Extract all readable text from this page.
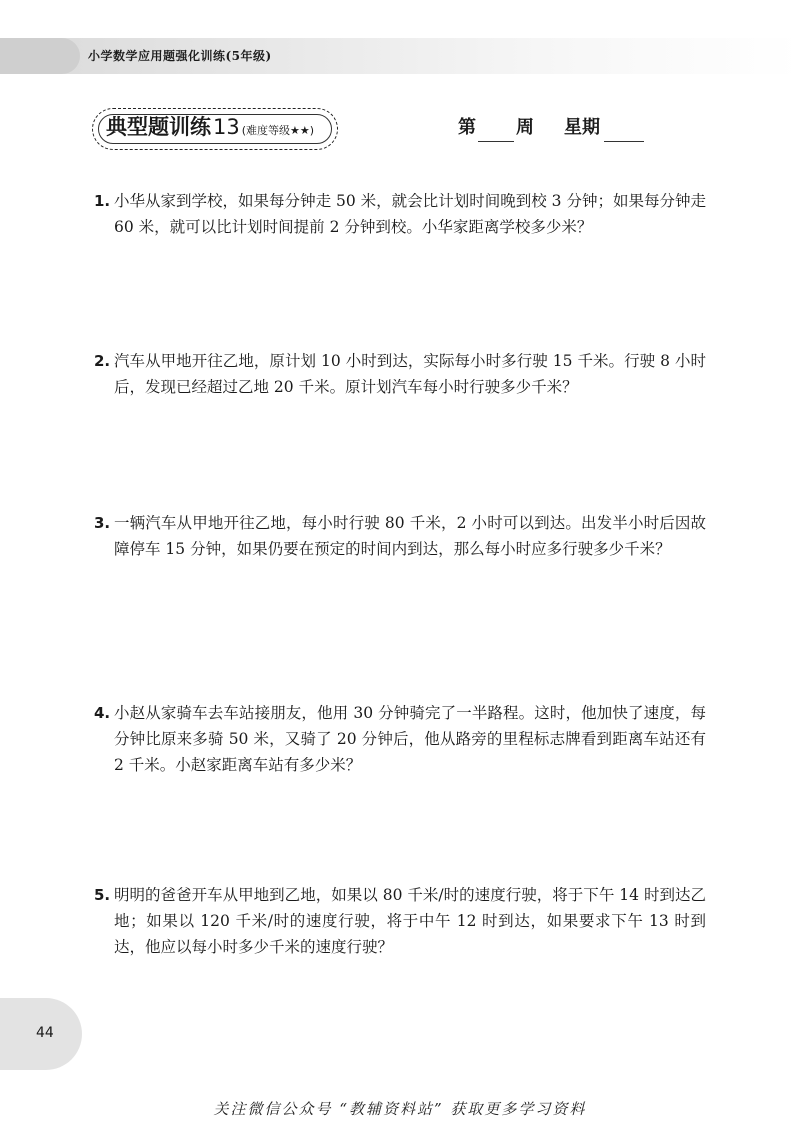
小学数学应用题强化训练(5年级)
典型题训练13 (难度等级★★)	第 周 星期
1. 小华从家到学校，如果每分钟走 50 米，就会比计划时间晚到校 3 分钟；如果每分钟走 60 米，就可以比计划时间提前 2 分钟到校。小华家距离学校多少米？
2. 汽车从甲地开往乙地，原计划 10 小时到达，实际每小时多行驶 15 千米。行驶 8 小时后，发现已经超过乙地 20 千米。原计划汽车每小时行驶多少千米？
3. 一辆汽车从甲地开往乙地，每小时行驶 80 千米，2 小时可以到达。出发半小时后因故障停车 15 分钟，如果仍要在预定的时间内到达，那么每小时应多行驶多少千米？
4. 小赵从家骑车去车站接朋友，他用 30 分钟骑完了一半路程。这时，他加快了速度，每分钟比原来多骑 50 米，又骑了 20 分钟后，他从路旁的里程标志牌看到距离车站还有 2 千米。小赵家距离车站有多少米？
5. 明明的爸爸开车从甲地到乙地，如果以 80 千米/时的速度行驶，将于下午 14 时到达乙地；如果以 120 千米/时的速度行驶，将于中午 12 时到达，如果要求下午 13 时到达，他应以每小时多少千米的速度行驶？
44
关注微信公众号 “教辅资料站” 获取更多学习资料
